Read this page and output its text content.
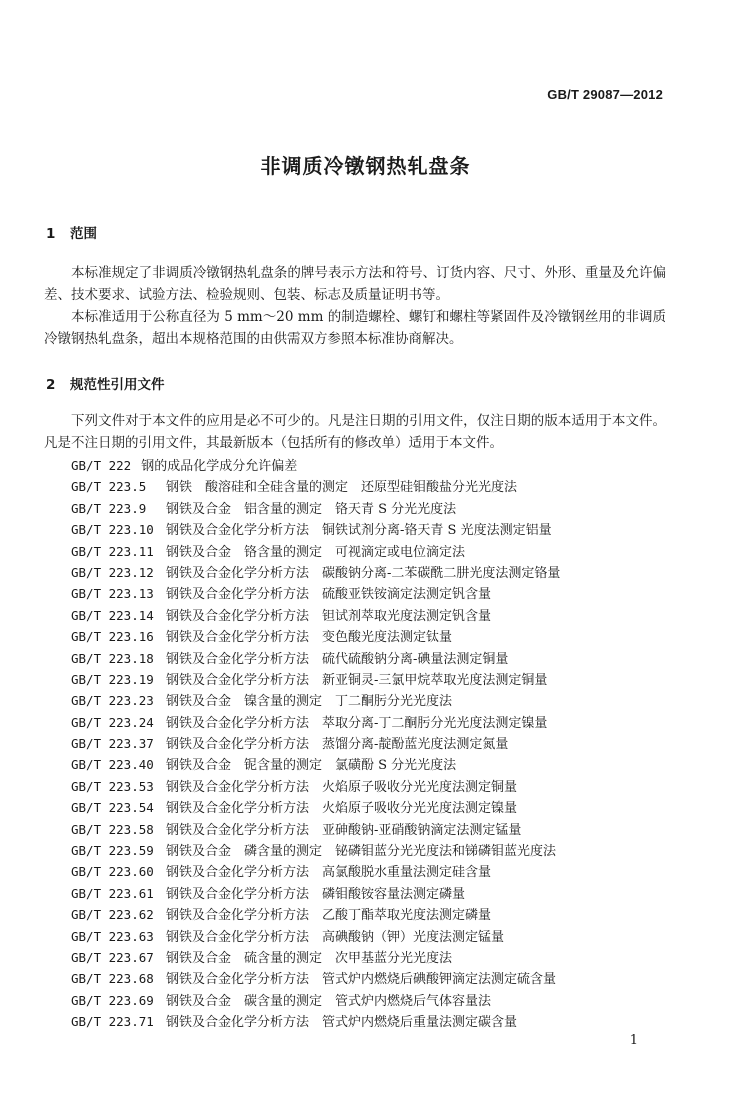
GB/T 29087—2012
非调质冷镦钢热轧盘条
1 范围
本标准规定了非调质冷镦钢热轧盘条的牌号表示方法和符号、订货内容、尺寸、外形、重量及允许偏差、技术要求、试验方法、检验规则、包装、标志及质量证明书等。
本标准适用于公称直径为 5 mm～20 mm 的制造螺栓、螺钉和螺柱等紧固件及冷镦钢丝用的非调质冷镦钢热轧盘条，超出本规格范围的由供需双方参照本标准协商解决。
2 规范性引用文件
下列文件对于本文件的应用是必不可少的。凡是注日期的引用文件，仅注日期的版本适用于本文件。凡是不注日期的引用文件，其最新版本（包括所有的修改单）适用于本文件。
GB/T 222 钢的成品化学成分允许偏差
GB/T 223.5 钢铁　酸溶硅和全硅含量的测定　还原型硅钼酸盐分光光度法
GB/T 223.9 钢铁及合金　铝含量的测定　铬天青 S 分光光度法
GB/T 223.10 钢铁及合金化学分析方法　铜铁试剂分离-铬天青 S 光度法测定铝量
GB/T 223.11 钢铁及合金　铬含量的测定　可视滴定或电位滴定法
GB/T 223.12 钢铁及合金化学分析方法　碳酸钠分离-二苯碳酰二肼光度法测定铬量
GB/T 223.13 钢铁及合金化学分析方法　硫酸亚铁铵滴定法测定钒含量
GB/T 223.14 钢铁及合金化学分析方法　钽试剂萃取光度法测定钒含量
GB/T 223.16 钢铁及合金化学分析方法　变色酸光度法测定钛量
GB/T 223.18 钢铁及合金化学分析方法　硫代硫酸钠分离-碘量法测定铜量
GB/T 223.19 钢铁及合金化学分析方法　新亚铜灵-三氯甲烷萃取光度法测定铜量
GB/T 223.23 钢铁及合金　镍含量的测定　丁二酮肟分光光度法
GB/T 223.24 钢铁及合金化学分析方法　萃取分离-丁二酮肟分光光度法测定镍量
GB/T 223.37 钢铁及合金化学分析方法　蒸馏分离-靛酚蓝光度法测定氮量
GB/T 223.40 钢铁及合金　铌含量的测定　氯磺酚 S 分光光度法
GB/T 223.53 钢铁及合金化学分析方法　火焰原子吸收分光光度法测定铜量
GB/T 223.54 钢铁及合金化学分析方法　火焰原子吸收分光光度法测定镍量
GB/T 223.58 钢铁及合金化学分析方法　亚砷酸钠-亚硝酸钠滴定法测定锰量
GB/T 223.59 钢铁及合金　磷含量的测定　铋磷钼蓝分光光度法和锑磷钼蓝光度法
GB/T 223.60 钢铁及合金化学分析方法　高氯酸脱水重量法测定硅含量
GB/T 223.61 钢铁及合金化学分析方法　磷钼酸铵容量法测定磷量
GB/T 223.62 钢铁及合金化学分析方法　乙酸丁酯萃取光度法测定磷量
GB/T 223.63 钢铁及合金化学分析方法　高碘酸钠（钾）光度法测定锰量
GB/T 223.67 钢铁及合金　硫含量的测定　次甲基蓝分光光度法
GB/T 223.68 钢铁及合金化学分析方法　管式炉内燃烧后碘酸钾滴定法测定硫含量
GB/T 223.69 钢铁及合金　碳含量的测定　管式炉内燃烧后气体容量法
GB/T 223.71 钢铁及合金化学分析方法　管式炉内燃烧后重量法测定碳含量
1
